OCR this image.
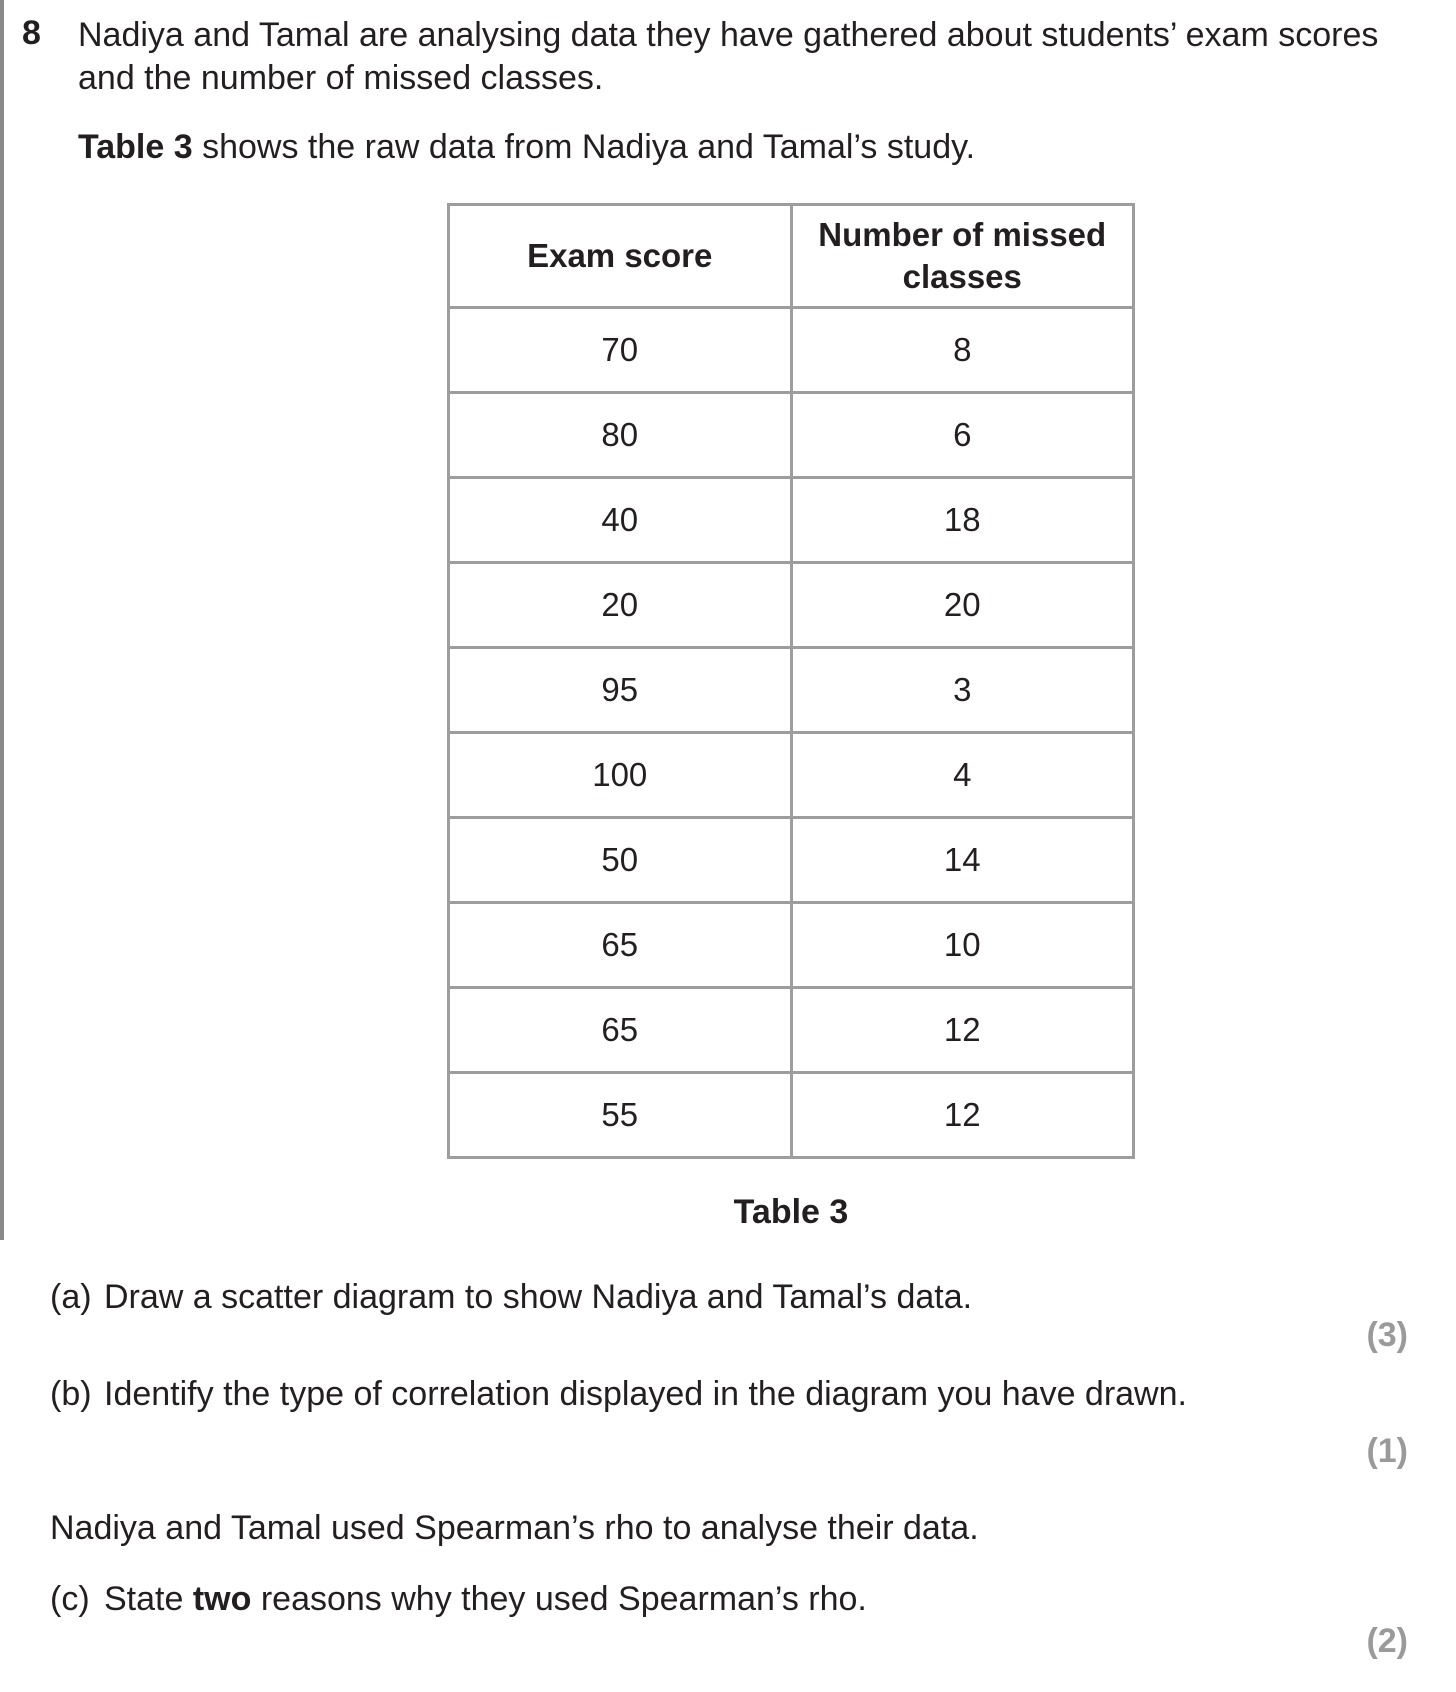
8 Nadiya and Tamal are analysing data they have gathered about students’ exam scores and the number of missed classes.
Table 3 shows the raw data from Nadiya and Tamal’s study.
Exam score	Number of missed classes
70	8
80	6
40	18
20	20
95	3
100	4
50	14
65	10
65	12
55	12
Table 3
(a) Draw a scatter diagram to show Nadiya and Tamal’s data.
(3)
(b) Identify the type of correlation displayed in the diagram you have drawn.
(1)
Nadiya and Tamal used Spearman’s rho to analyse their data.
(c) State two reasons why they used Spearman’s rho.
(2)
